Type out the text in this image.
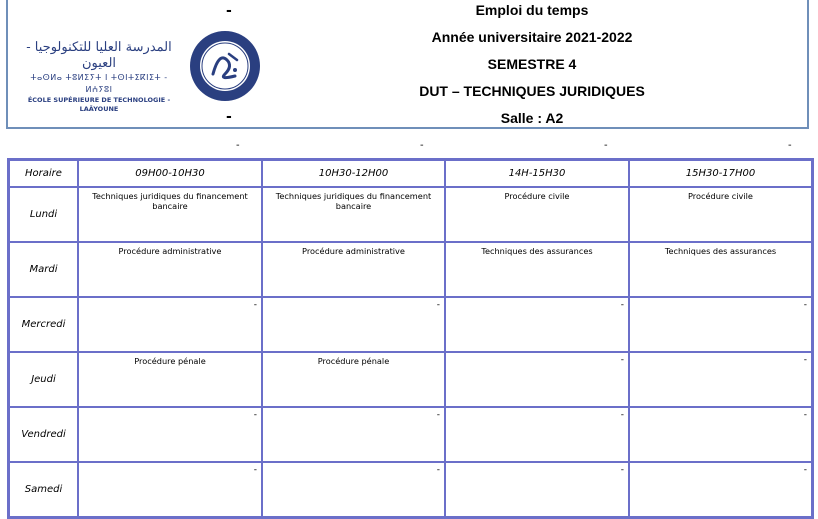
-
المدرسة العليا للتكنولوجيا - العيون
ⵜⴰⵙⵍⴰ ⵜⵓⵍⵉⵢⵜ ⵏ ⵜⵙⵏⵜⵉⴽⵏⵉⵜ - ⵍⵄⵢⵓⵏ
ÉCOLE SUPÉRIEURE DE TECHNOLOGIE - LAÂYOUNE	-
Emploi du temps
Année universitaire 2021-2022
SEMESTRE 4
DUT – TECHNIQUES JURIDIQUES
Salle : A2
-	-	-	-
Horaire	09H00-10H30	10H30-12H00	14H-15H30	15H30-17H00
Lundi	Techniques juridiques du financement bancaire	Techniques juridiques du financement bancaire	Procédure civile	Procédure civile

Mardi	Procédure administrative	Procédure administrative	Techniques des assurances	Techniques des assurances

Mercredi	-	-	-	-

Jeudi	Procédure pénale	Procédure pénale	-	-

Vendredi	-	-	-	-

Samedi	-	-	-	-
